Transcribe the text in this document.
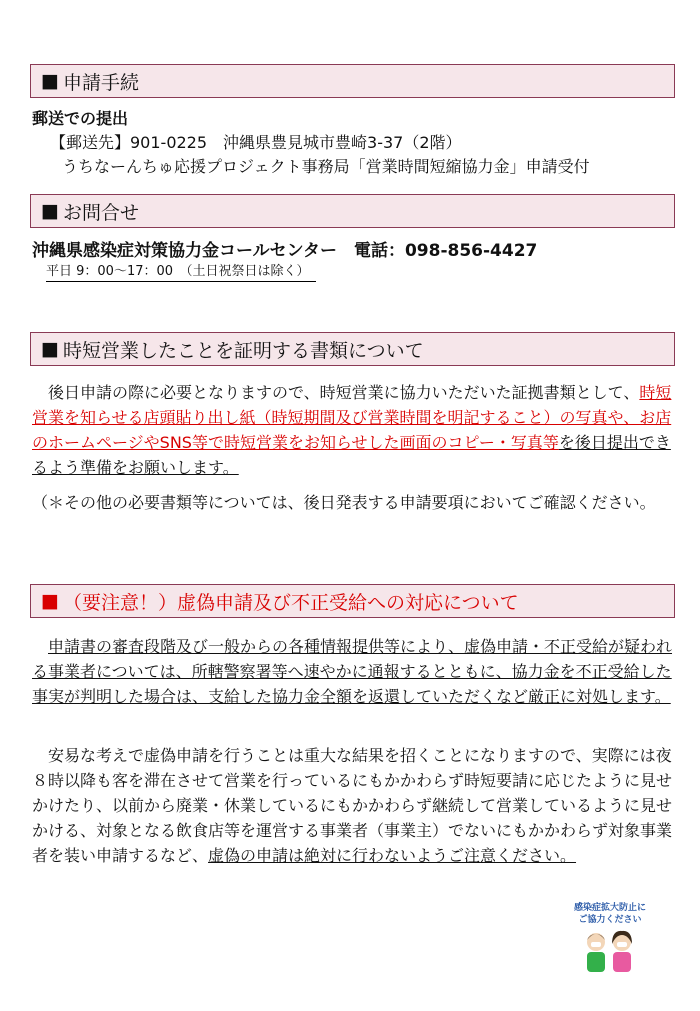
■ 申請手続
郵送での提出
【郵送先】901-0225　沖縄県豊見城市豊崎3-37（2階）
うちなーんちゅ応援プロジェクト事務局「営業時間短縮協力金」申請受付
■ お問合せ
沖縄県感染症対策協力金コールセンター　電話：098-856-4427
平日 9：00～17：00　（土日祝祭日は除く）
■ 時短営業したことを証明する書類について
後日申請の際に必要となりますので、時短営業に協力いただいた証拠書類として、時短営業を知らせる店頭貼り出し紙（時短期間及び営業時間を明記すること）の写真や、お店のホームページやSNS等で時短営業をお知らせした画面のコピー・写真等を後日提出できるよう準備をお願いします。
（＊その他の必要書類等については、後日発表する申請要項においてご確認ください。
■ （要注意！）虚偽申請及び不正受給への対応について
申請書の審査段階及び一般からの各種情報提供等により、虚偽申請・不正受給が疑われる事業者については、所轄警察署等へ速やかに通報するとともに、協力金を不正受給した事実が判明した場合は、支給した協力金全額を返還していただくなど厳正に対処します。
安易な考えで虚偽申請を行うことは重大な結果を招くことになりますので、実際には夜８時以降も客を滞在させて営業を行っているにもかかわらず時短要請に応じたように見せかけたり、以前から廃業・休業しているにもかかわらず継続して営業しているように見せかける、対象となる飲食店等を運営する事業者（事業主）でないにもかかわらず対象事業者を装い申請するなど、虚偽の申請は絶対に行わないようご注意ください。
感染症拡大防止に
ご協力ください
